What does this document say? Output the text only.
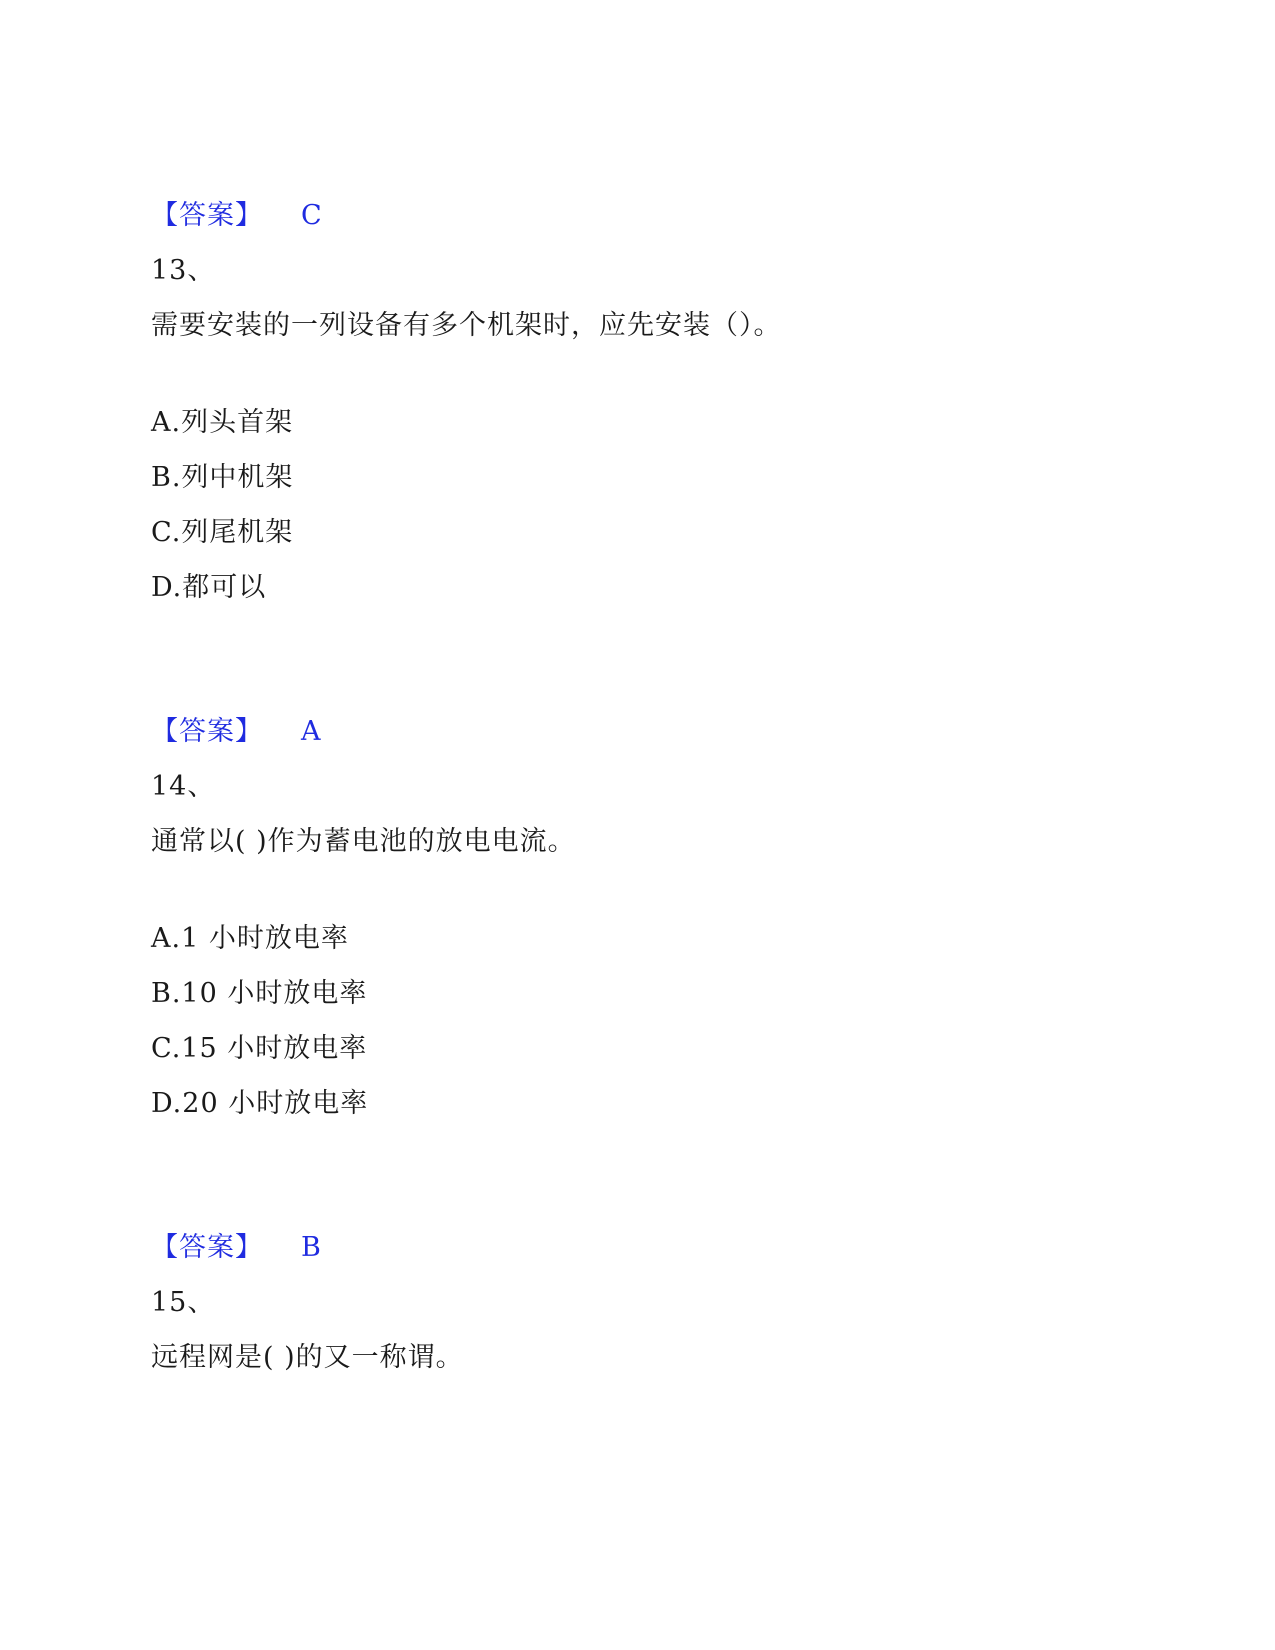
【答案】 C
13、
需要安装的一列设备有多个机架时，应先安装（）。
A.列头首架
B.列中机架
C.列尾机架
D.都可以
【答案】 A
14、
通常以( )作为蓄电池的放电电流。
A.1 小时放电率
B.10 小时放电率
C.15 小时放电率
D.20 小时放电率
【答案】 B
15、
远程网是( )的又一称谓。
